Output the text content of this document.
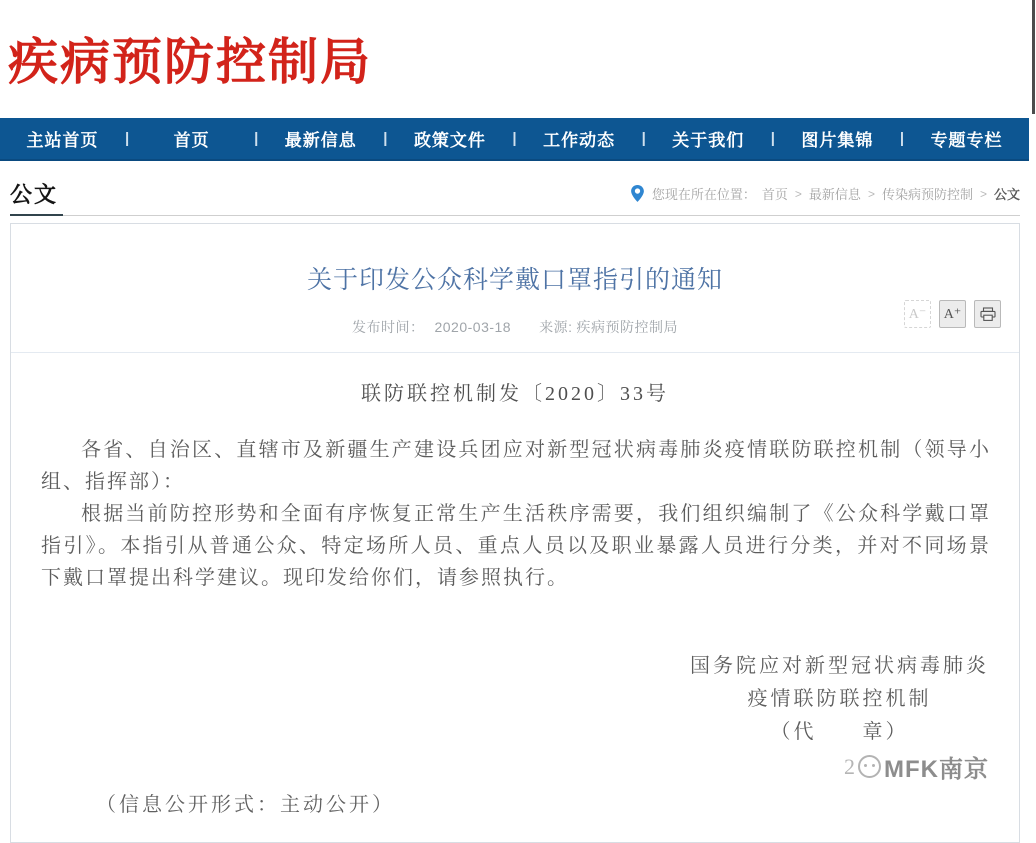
疾病预防控制局
主站首页	|	首页	|	最新信息	|	政策文件	|	工作动态	|	关于我们	|	图片集锦	|	专题专栏
公文	您现在所在位置： 首页 > 最新信息 > 传染病预防控制 > 公文
关于印发公众科学戴口罩指引的通知
发布时间： 2020-03-18 来源: 疾病预防控制局
A⁻	A⁺
联防联控机制发〔2020〕33号

各省、自治区、直辖市及新疆生产建设兵团应对新型冠状病毒肺炎疫情联防联控机制（领导小组、指挥部）：

根据当前防控形势和全面有序恢复正常生产生活秩序需要，我们组织编制了《公众科学戴口罩指引》。本指引从普通公众、特定场所人员、重点人员以及职业暴露人员进行分类，并对不同场景下戴口罩提出科学建议。现印发给你们，请参照执行。

国务院应对新型冠状病毒肺炎
疫情联防联控机制
（代　　章）
2 MFK南京
（信息公开形式：主动公开）
